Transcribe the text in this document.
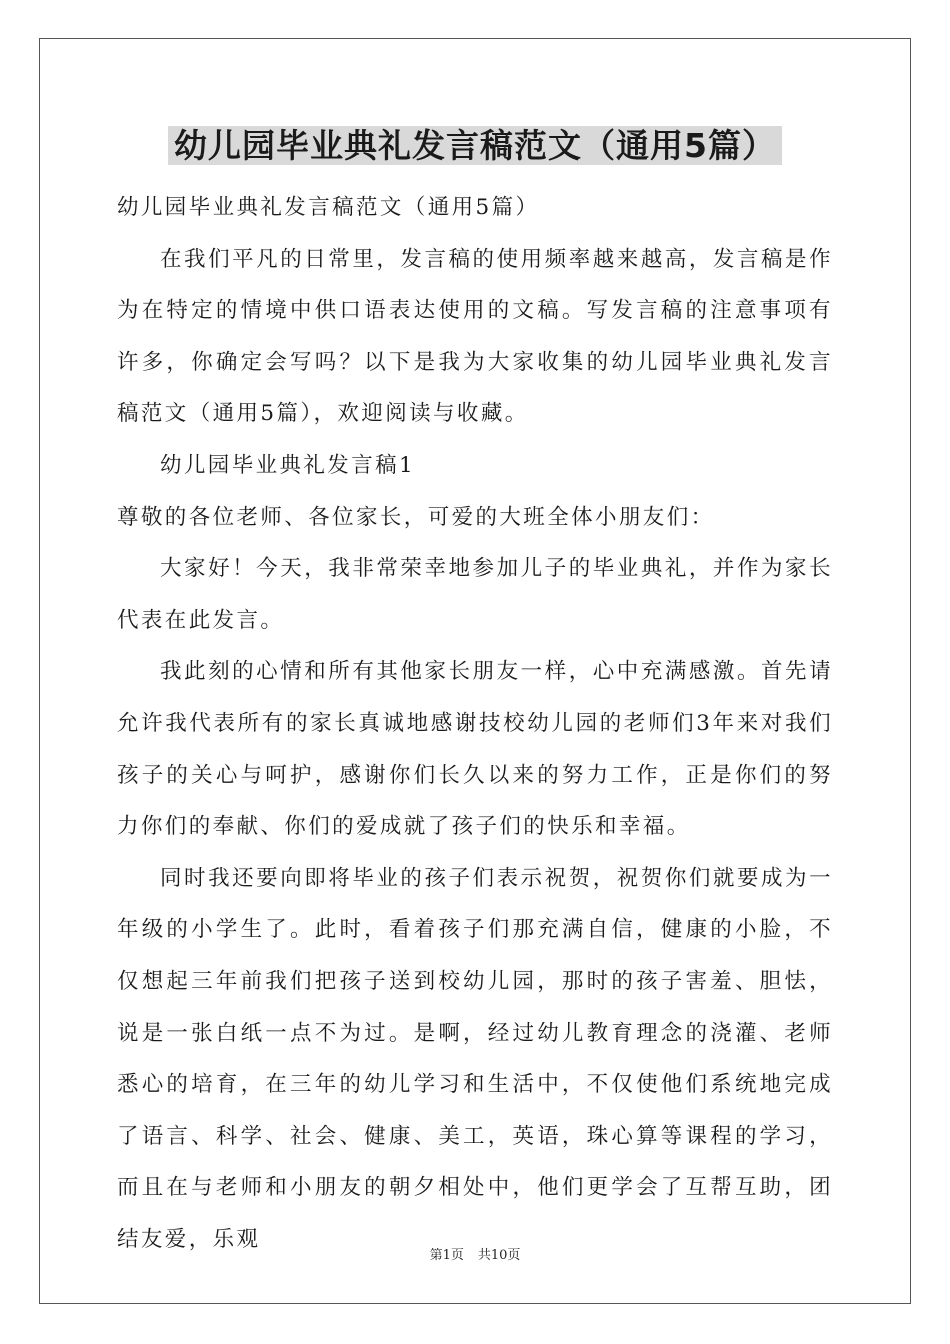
幼儿园毕业典礼发言稿范文（通用5篇）

幼儿园毕业典礼发言稿范文（通用5篇）

在我们平凡的日常里，发言稿的使用频率越来越高，发言稿是作为在特定的情境中供口语表达使用的文稿。写发言稿的注意事项有许多，你确定会写吗？以下是我为大家收集的幼儿园毕业典礼发言稿范文（通用5篇），欢迎阅读与收藏。

幼儿园毕业典礼发言稿1

尊敬的各位老师、各位家长，可爱的大班全体小朋友们：

大家好！今天，我非常荣幸地参加儿子的毕业典礼，并作为家长代表在此发言。

我此刻的心情和所有其他家长朋友一样，心中充满感激。首先请允许我代表所有的家长真诚地感谢技校幼儿园的老师们3年来对我们孩子的关心与呵护，感谢你们长久以来的努力工作，正是你们的努力你们的奉献、你们的爱成就了孩子们的快乐和幸福。

同时我还要向即将毕业的孩子们表示祝贺，祝贺你们就要成为一年级的小学生了。此时，看着孩子们那充满自信，健康的小脸，不仅想起三年前我们把孩子送到校幼儿园，那时的孩子害羞、胆怯，说是一张白纸一点不为过。是啊，经过幼儿教育理念的浇灌、老师悉心的培育，在三年的幼儿学习和生活中，不仅使他们系统地完成了语言、科学、社会、健康、美工，英语，珠心算等课程的学习，而且在与老师和小朋友的朝夕相处中，他们更学会了互帮互助，团结友爱，乐观

第1页 共10页
